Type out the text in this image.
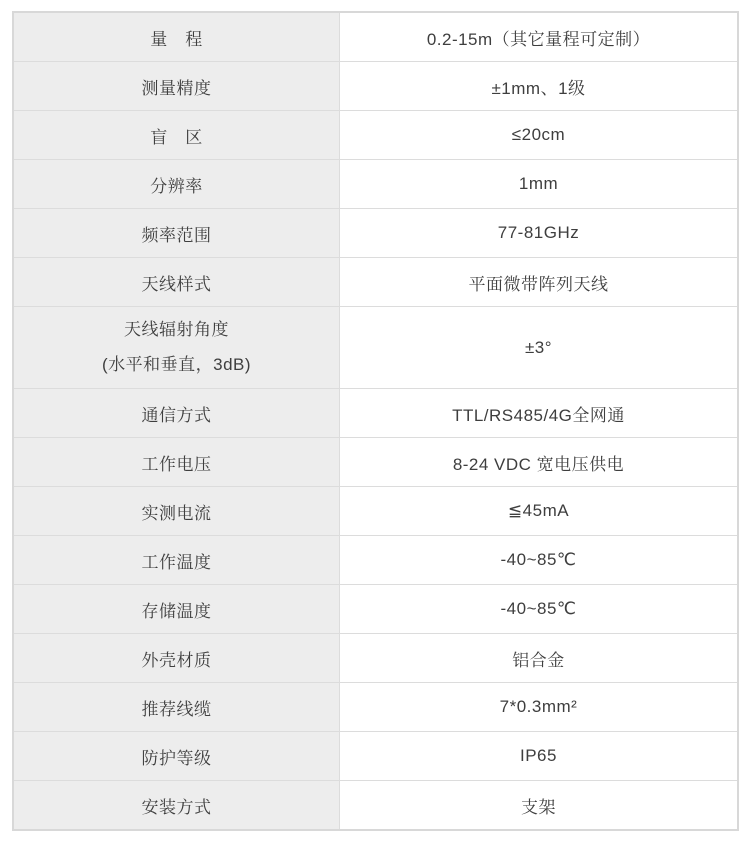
量　程	0.2-15m（其它量程可定制）
测量精度	±1mm、1级
盲　区	≤20cm
分辨率	1mm
频率范围	77-81GHz
天线样式	平面微带阵列天线

天线辐射角度
(水平和垂直，3dB)	±3°
通信方式	TTL/RS485/4G全网通
工作电压	8-24 VDC 宽电压供电
实测电流	≦45mA
工作温度	-40~85℃
存储温度	-40~85℃
外壳材质	铝合金
推荐线缆	7*0.3mm²
防护等级	IP65
安装方式	支架
